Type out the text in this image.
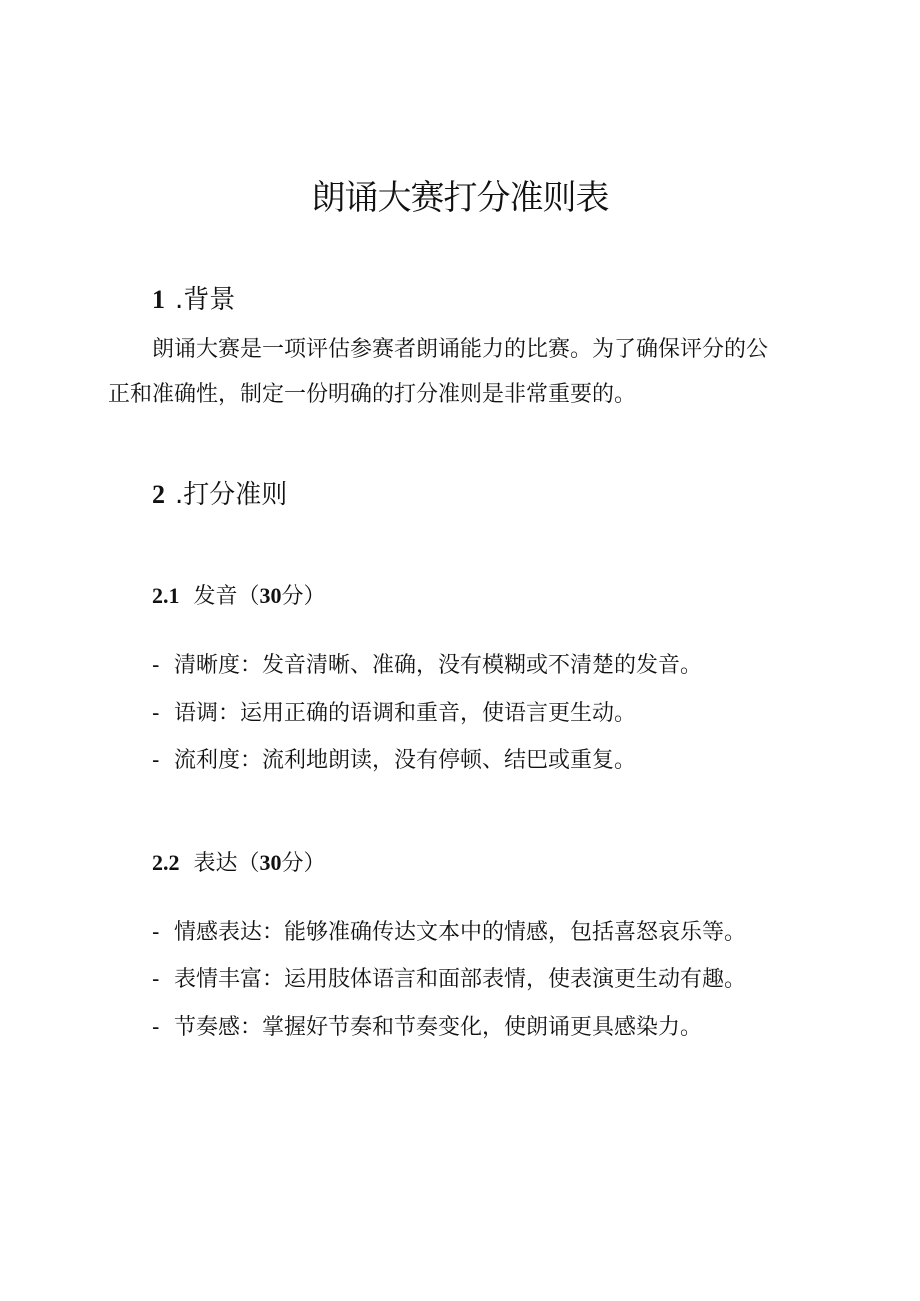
朗诵大赛打分准则表
1 .背景
朗诵大赛是一项评估参赛者朗诵能力的比赛。为了确保评分的公
正和准确性，制定一份明确的打分准则是非常重要的。
2 .打分准则
2.1 发音（30分）
- 清晰度：发音清晰、准确，没有模糊或不清楚的发音。
- 语调：运用正确的语调和重音，使语言更生动。
- 流利度：流利地朗读，没有停顿、结巴或重复。
2.2 表达（30分）
- 情感表达：能够准确传达文本中的情感，包括喜怒哀乐等。
- 表情丰富：运用肢体语言和面部表情，使表演更生动有趣。
- 节奏感：掌握好节奏和节奏变化，使朗诵更具感染力。
